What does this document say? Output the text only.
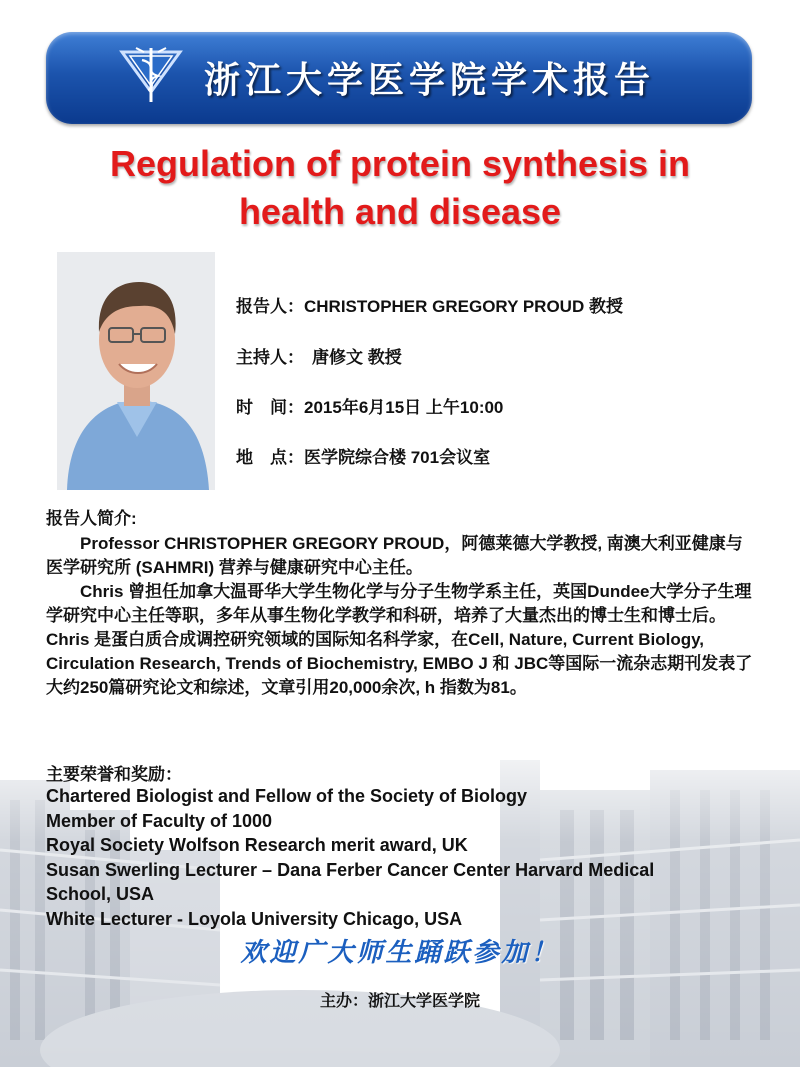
浙江大学医学院学术报告
Regulation of protein synthesis in
health and disease
报告人：CHRISTOPHER GREGORY PROUD 教授
主持人： 唐修文 教授
时　间：2015年6月15日 上午10:00
地　点：医学院综合楼 701会议室
报告人简介:

Professor CHRISTOPHER GREGORY PROUD，阿德莱德大学教授, 南澳大利亚健康与医学研究所 (SAHMRI) 营养与健康研究中心主任。

Chris 曾担任加拿大温哥华大学生物化学与分子生物学系主任，英国Dundee大学分子生理学研究中心主任等职，多年从事生物化学教学和科研，培养了大量杰出的博士生和博士后。Chris 是蛋白质合成调控研究领域的国际知名科学家，在Cell, Nature, Current Biology, Circulation Research, Trends of Biochemistry, EMBO J 和 JBC等国际一流杂志期刊发表了大约250篇研究论文和综述，文章引用20,000余次, h 指数为81。

主要荣誉和奖励：
Chartered Biologist and Fellow of the Society of Biology
Member of Faculty of 1000
Royal Society Wolfson Research merit award, UK
Susan Swerling Lecturer – Dana Ferber Cancer Center Harvard Medical
School, USA
White Lecturer - Loyola University Chicago, USA
欢迎广大师生踊跃参加！
主办：浙江大学医学院
